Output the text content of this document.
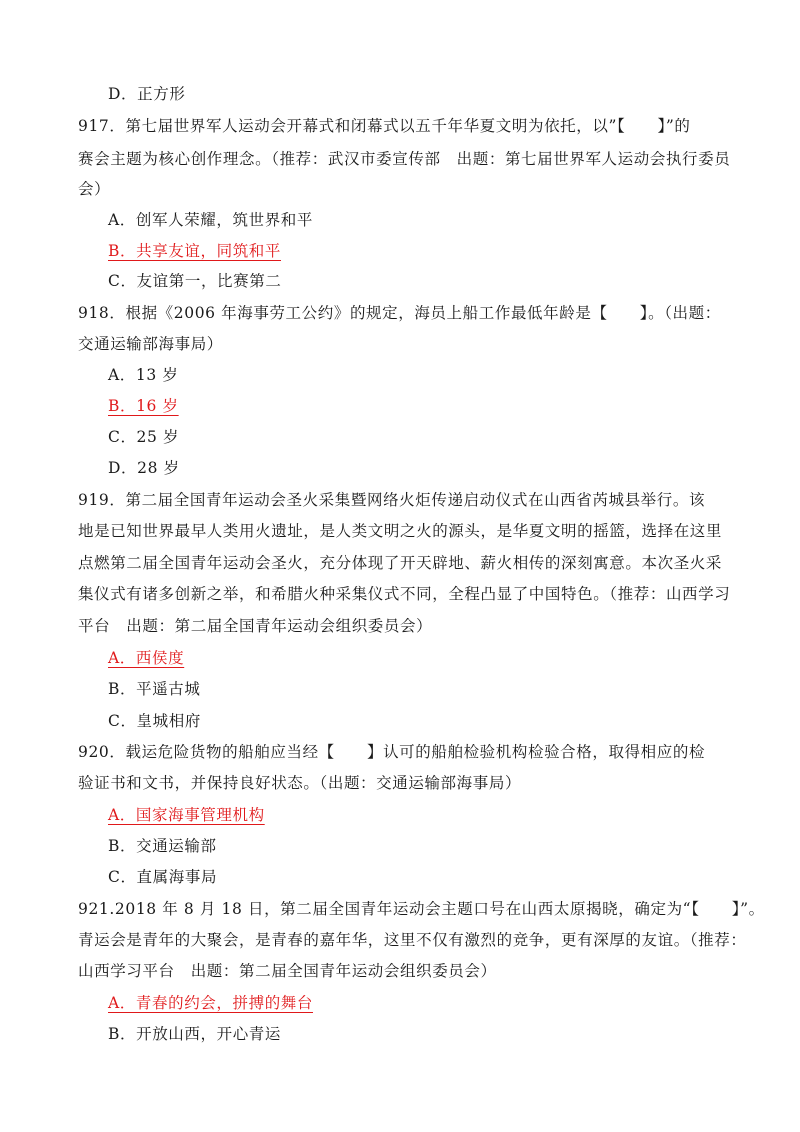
D．正方形
917．第七届世界军人运动会开幕式和闭幕式以五千年华夏文明为依托，以”【　　】”的
赛会主题为核心创作理念。（推荐：武汉市委宣传部　出题：第七届世界军人运动会执行委员
会）
A．创军人荣耀，筑世界和平
B．共享友谊，同筑和平
C．友谊第一，比赛第二
918．根据《2006 年海事劳工公约》的规定，海员上船工作最低年龄是【　　】。（出题：
交通运输部海事局）
A．13 岁
B．16 岁
C．25 岁
D．28 岁
919．第二届全国青年运动会圣火采集暨网络火炬传递启动仪式在山西省芮城县举行。该
地是已知世界最早人类用火遗址，是人类文明之火的源头，是华夏文明的摇篮，选择在这里
点燃第二届全国青年运动会圣火，充分体现了开天辟地、薪火相传的深刻寓意。本次圣火采
集仪式有诸多创新之举，和希腊火种采集仪式不同，全程凸显了中国特色。（推荐：山西学习
平台　出题：第二届全国青年运动会组织委员会）
A．西侯度
B．平遥古城
C．皇城相府
920．载运危险货物的船舶应当经【　　】认可的船舶检验机构检验合格，取得相应的检
验证书和文书，并保持良好状态。（出题：交通运输部海事局）
A．国家海事管理机构
B．交通运输部
C．直属海事局
921.2018 年 8 月 18 日，第二届全国青年运动会主题口号在山西太原揭晓，确定为“【　　】”。
青运会是青年的大聚会，是青春的嘉年华，这里不仅有激烈的竞争，更有深厚的友谊。（推荐：
山西学习平台　出题：第二届全国青年运动会组织委员会）
A．青春的约会，拼搏的舞台
B．开放山西，开心青运
